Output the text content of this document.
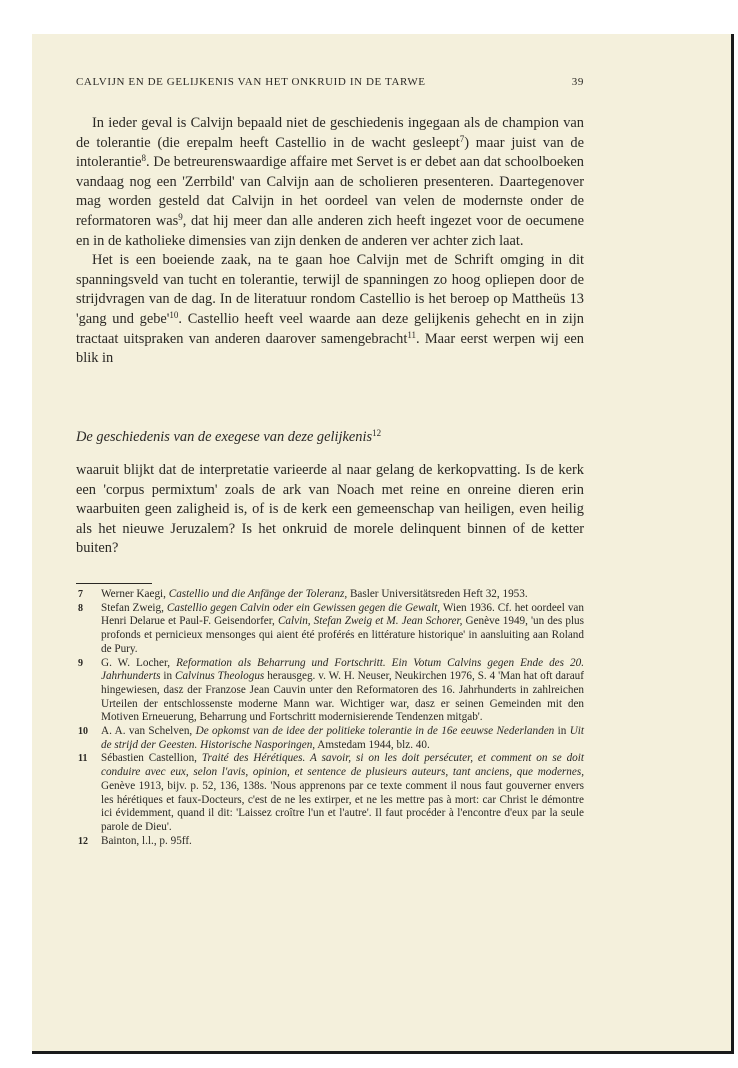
CALVIJN EN DE GELIJKENIS VAN HET ONKRUID IN DE TARWE	39

In ieder geval is Calvijn bepaald niet de geschiedenis ingegaan als de champion van de tolerantie (die erepalm heeft Castellio in de wacht gesleept$^7$) maar juist van de intolerantie$^8$. De betreurenswaardige affaire met Servet is er debet aan dat schoolboeken vandaag nog een 'Zerrbild' van Calvijn aan de scholieren presenteren. Daartegenover mag worden gesteld dat Calvijn in het oordeel van velen de modernste onder de reformatoren was$^9$, dat hij meer dan alle anderen zich heeft ingezet voor de oecumene en in de katholieke dimensies van zijn denken de anderen ver achter zich laat.

Het is een boeiende zaak, na te gaan hoe Calvijn met de Schrift omging in dit spanningsveld van tucht en tolerantie, terwijl de spanningen zo hoog opliepen door de strijdvragen van de dag. In de literatuur rondom Castellio is het beroep op Mattheüs 13 'gang und $gebe'^{10}$. Castellio heeft veel waarde aan deze gelijkenis gehecht en in zijn tractaat uitspraken van anderen daarover samengebracht$^{11}$. Maar eerst werpen wij een blik in

De geschiedenis van de exegese van deze gelijkenis$^{12}$

waaruit blijkt dat de interpretatie varieerde al naar gelang de kerkopvatting. Is de kerk een 'corpus permixtum' zoals de ark van Noach met reine en onreine dieren erin waarbuiten geen zaligheid is, of is de kerk een gemeenschap van heiligen, even heilig als het nieuwe Jeruzalem? Is het onkruid de morele delinquent binnen of de ketter buiten?

7 Werner Kaegi, Castellio und die Anfänge der Toleranz, Basler Universitätsreden Heft 32, 1953.
8 Stefan Zweig, Castellio gegen Calvin oder ein Gewissen gegen die Gewalt, Wien 1936. Cf. het oordeel van Henri Delarue et Paul-F. Geisendorfer, Calvin, Stefan Zweig et M. Jean Schorer, Genève 1949, 'un des plus profonds et pernicieux mensonges qui aient été proférés en littérature historique' in aansluiting aan Roland de Pury.
9 G. W. Locher, Reformation als Beharrung und Fortschritt. Ein Votum Calvins gegen Ende des 20. Jahrhunderts in Calvinus Theologus herausgeg. v. W. H. Neuser, Neukirchen 1976, S. 4 'Man hat oft darauf hingewiesen, dasz der Franzose Jean Cauvin unter den Reformatoren des 16. Jahrhunderts in zahlreichen Urteilen der entschlossenste moderne Mann war. Wichtiger war, dasz er seinen Gemeinden mit den Motiven Erneuerung, Beharrung und Fortschritt modernisierende Tendenzen mitgab'.
10 A. A. van Schelven, De opkomst van de idee der politieke tolerantie in de 16e eeuwse Nederlanden in Uit de strijd der Geesten. Historische Nasporingen, Amstedam 1944, blz. 40.
11 Sébastien Castellion, Traité des Hérétiques. A savoir, si on les doit persécuter, et comment on se doit conduire avec eux, selon l'avis, opinion, et sentence de plusieurs auteurs, tant anciens, que modernes, Genève 1913, bijv. p. 52, 136, 138s. 'Nous apprenons par ce texte comment il nous faut gouverner envers les hérétiques et faux-Docteurs, c'est de ne les extirper, et ne les mettre pas à mort: car Christ le démontre ici évidemment, quand il dit: 'Laissez croître l'un et l'autre'. Il faut procéder à l'encontre d'eux par la seule parole de Dieu'.
12 Bainton, l.l., p. 95ff.
